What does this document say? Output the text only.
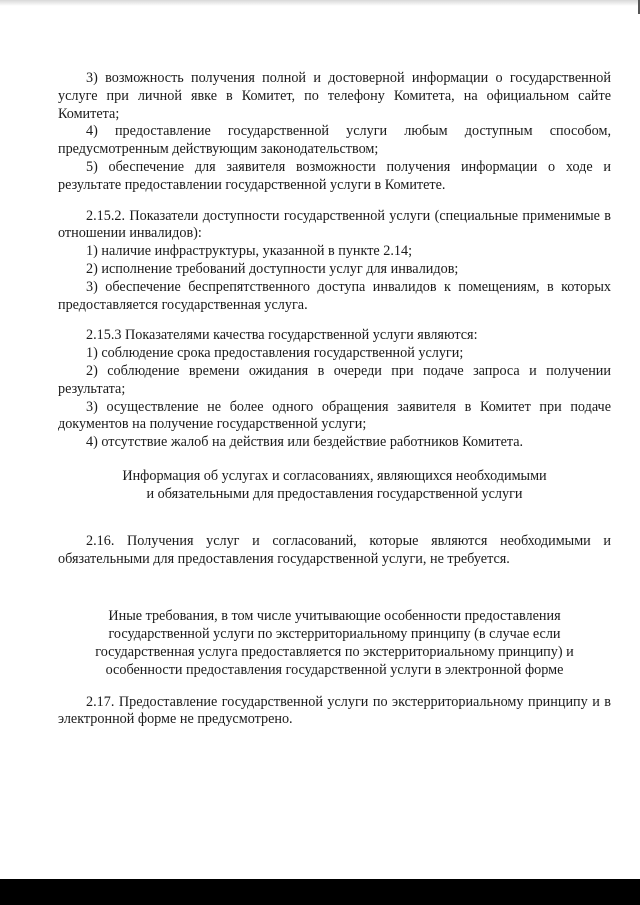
3) возможность получения полной и достоверной информации о государственной услуге при личной явке в Комитет, по телефону Комитета, на официальном сайте Комитета;

4) предоставление государственной услуги любым доступным способом, предусмотренным действующим законодательством;

5) обеспечение для заявителя возможности получения информации о ходе и результате предоставлении государственной услуги в Комитете.

2.15.2. Показатели доступности государственной услуги (специальные применимые в отношении инвалидов):

1) наличие инфраструктуры, указанной в пункте 2.14;

2) исполнение требований доступности услуг для инвалидов;

3) обеспечение беспрепятственного доступа инвалидов к помещениям, в которых предоставляется государственная услуга.

2.15.3 Показателями качества государственной услуги являются:

1) соблюдение срока предоставления государственной услуги;

2) соблюдение времени ожидания в очереди при подаче запроса и получении результата;

3) осуществление не более одного обращения заявителя в Комитет при подаче документов на получение государственной услуги;

4) отсутствие жалоб на действия или бездействие работников Комитета.

Информация об услугах и согласованиях, являющихся необходимыми
и обязательными для предоставления государственной услуги

2.16. Получения услуг и согласований, которые являются необходимыми и обязательными для предоставления государственной услуги, не требуется.

Иные требования, в том числе учитывающие особенности предоставления
государственной услуги по экстерриториальному принципу (в случае если
государственная услуга предоставляется по экстерриториальному принципу) и
особенности предоставления государственной услуги в электронной форме

2.17. Предоставление государственной услуги по экстерриториальному принципу и в электронной форме не предусмотрено.
